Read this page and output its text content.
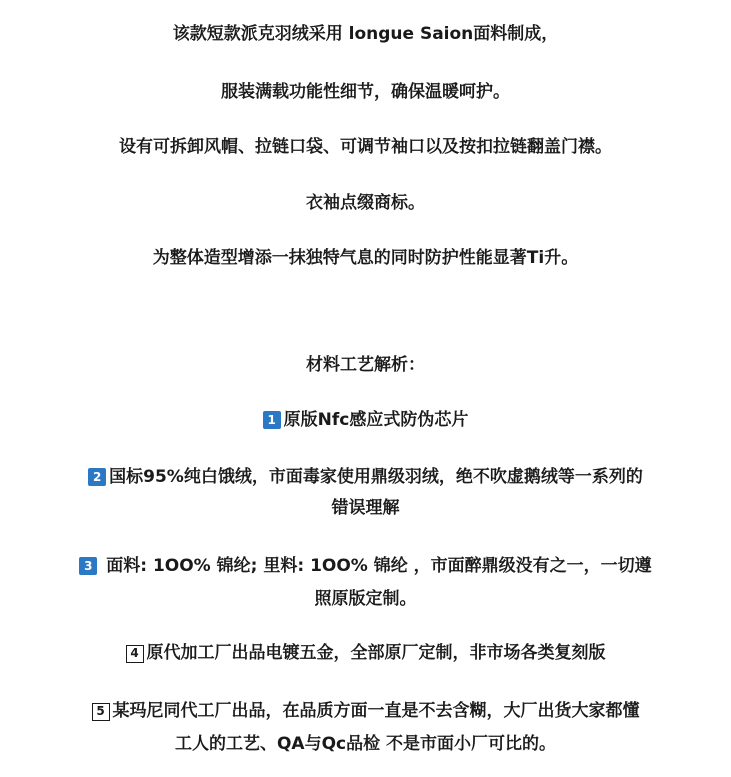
该款短款派克羽绒采用 longue Saion面料制成，
服装满载功能性细节，确保温暖呵护。
设有可拆卸风帽、拉链口袋、可调节袖口以及按扣拉链翻盖门襟。
衣袖点缀商标。
为整体造型增添一抹独特气息的同时防护性能显著Ti升。
材料工艺解析：
1 原版Nfc感应式防伪芯片
2 国标95%纯白饿绒，市面毒家使用鼎级羽绒，绝不吹虚鹅绒等一系列的
错误理解
3 面料: 1OO% 锦纶; 里料: 1OO% 锦纶 ，市面醉鼎级没有之一，一切遵
照原版定制。
4 原代加工厂出品电镀五金，全部原厂定制，非市场各类复刻版
5 某玛尼同代工厂出品，在品质方面一直是不去含糊，大厂出货大家都懂
工人的工艺、QA与Qc品检 不是市面小厂可比的。
